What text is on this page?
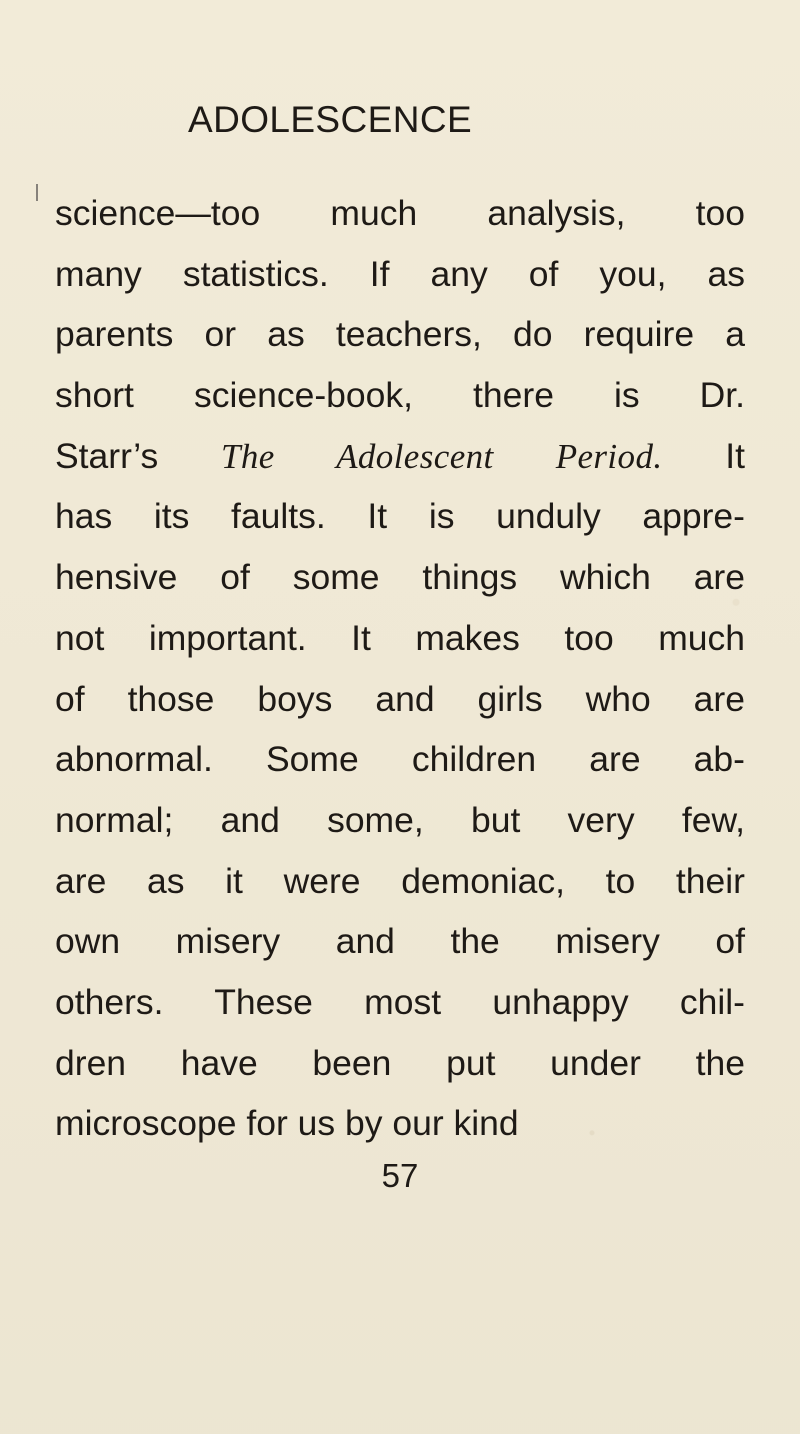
ADOLESCENCE
science—too much analysis, too
many statistics. If any of you, as
parents or as teachers, do require a
short science-book, there is Dr.
Starr’s The Adolescent Period. It
has its faults. It is unduly appre-
hensive of some things which are
not important. It makes too much
of those boys and girls who are
abnormal. Some children are ab-
normal; and some, but very few,
are as it were demoniac, to their
own misery and the misery of
others. These most unhappy chil-
dren have been put under the
microscope for us by our kind
57
